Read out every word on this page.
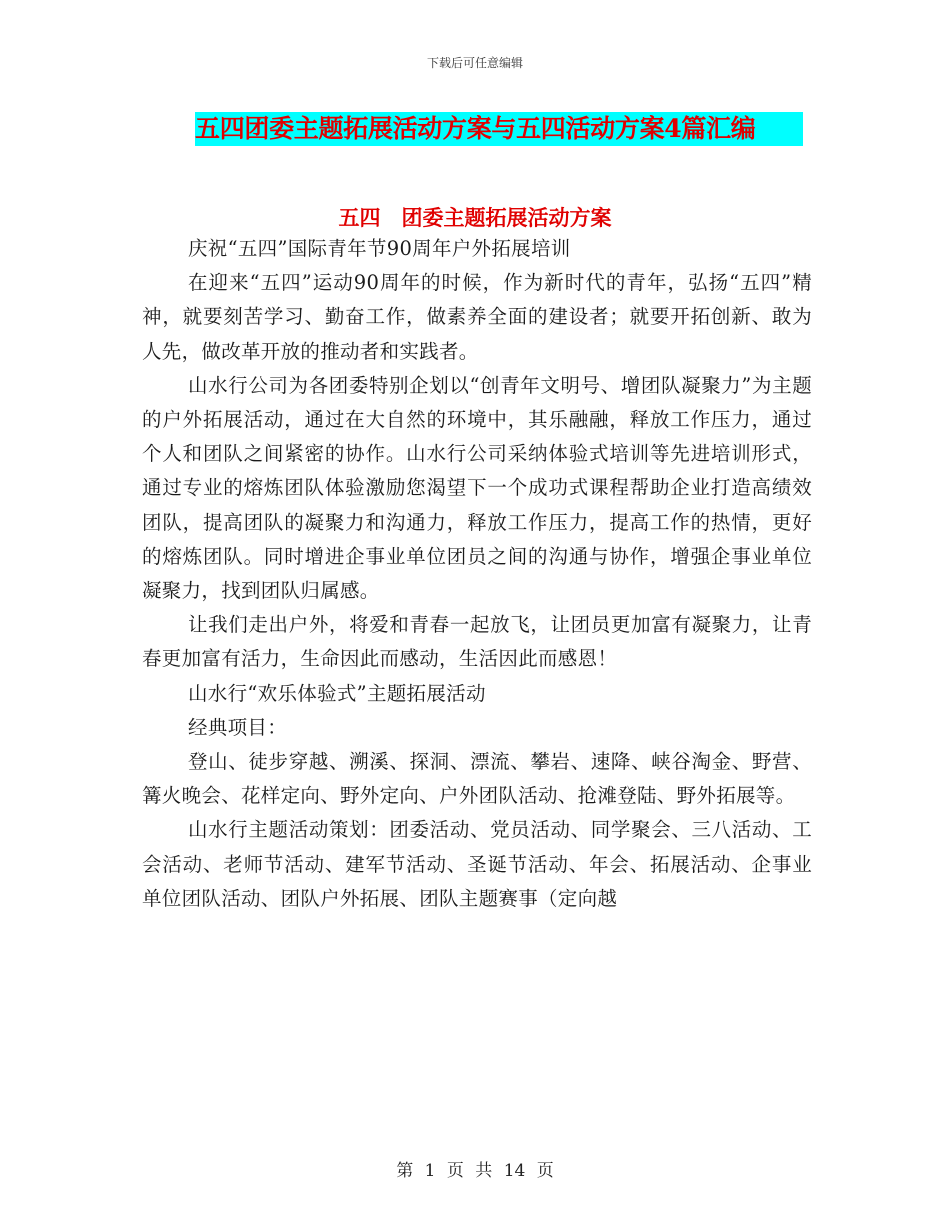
下载后可任意编辑
五四团委主题拓展活动方案与五四活动方案4篇汇编
五四　团委主题拓展活动方案

庆祝“五四”国际青年节90周年户外拓展培训

在迎来“五四”运动90周年的时候，作为新时代的青年，弘扬“五四”精神，就要刻苦学习、勤奋工作，做素养全面的建设者；就要开拓创新、敢为人先，做改革开放的推动者和实践者。

山水行公司为各团委特别企划以“创青年文明号、增团队凝聚力”为主题的户外拓展活动，通过在大自然的环境中，其乐融融，释放工作压力，通过个人和团队之间紧密的协作。山水行公司采纳体验式培训等先进培训形式，通过专业的熔炼团队体验激励您渴望下一个成功式课程帮助企业打造高绩效团队，提高团队的凝聚力和沟通力，释放工作压力，提高工作的热情，更好的熔炼团队。同时增进企事业单位团员之间的沟通与协作，增强企事业单位凝聚力，找到团队归属感。

让我们走出户外，将爱和青春一起放飞，让团员更加富有凝聚力，让青春更加富有活力，生命因此而感动，生活因此而感恩！

山水行“欢乐体验式”主题拓展活动

经典项目：

登山、徒步穿越、溯溪、探洞、漂流、攀岩、速降、峡谷淘金、野营、篝火晚会、花样定向、野外定向、户外团队活动、抢滩登陆、野外拓展等。

山水行主题活动策划：团委活动、党员活动、同学聚会、三八活动、工会活动、老师节活动、建军节活动、圣诞节活动、年会、拓展活动、企事业单位团队活动、团队户外拓展、团队主题赛事（定向越

第 1 页 共 14 页
